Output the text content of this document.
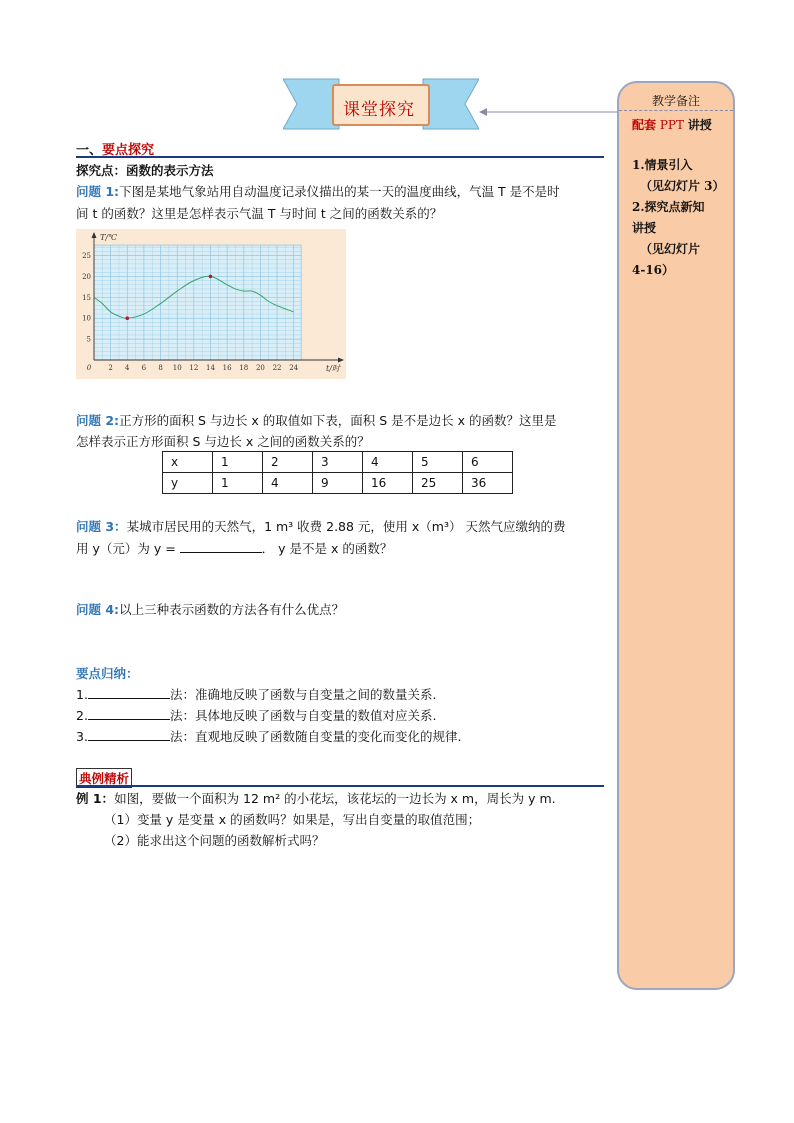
课堂探究	教学备注
配套 PPT 讲授
1.情景引入
（见幻灯片 3）
2.探究点新知
讲授
（见幻灯片
4-16）
一、要点探究
探究点：函数的表示方法
问题 1:下图是某地气象站用自动温度记录仪描出的某一天的温度曲线，气温 T 是不是时
间 t 的函数？这里是怎样表示气温 T 与时间 t 之间的函数关系的？
0 2 4 6 8 10 12 14 16 18 20 22 24
5
10
15
20
25
T/℃
t/时
问题 2:正方形的面积 S 与边长 x 的取值如下表，面积 S 是不是边长 x 的函数？这里是
怎样表示正方形面积 S 与边长 x 之间的函数关系的？
x	1	2	3	4	5	6
y	1	4	9	16	25	36
问题 3：某城市居民用的天然气，1 m³ 收费 2.88 元，使用 x（m³） 天然气应缴纳的费
用 y（元）为 y =	． y 是不是 x 的函数？
问题 4:以上三种表示函数的方法各有什么优点？
要点归纳：
1.	法：准确地反映了函数与自变量之间的数量关系.
2.	法：具体地反映了函数与自变量的数值对应关系.
3.	法：直观地反映了函数随自变量的变化而变化的规律.
典例精析
例 1：如图，要做一个面积为 12 m² 的小花坛，该花坛的一边长为 x m，周长为 y m.
（1）变量 y 是变量 x 的函数吗？如果是，写出自变量的取值范围；
（2）能求出这个问题的函数解析式吗？
